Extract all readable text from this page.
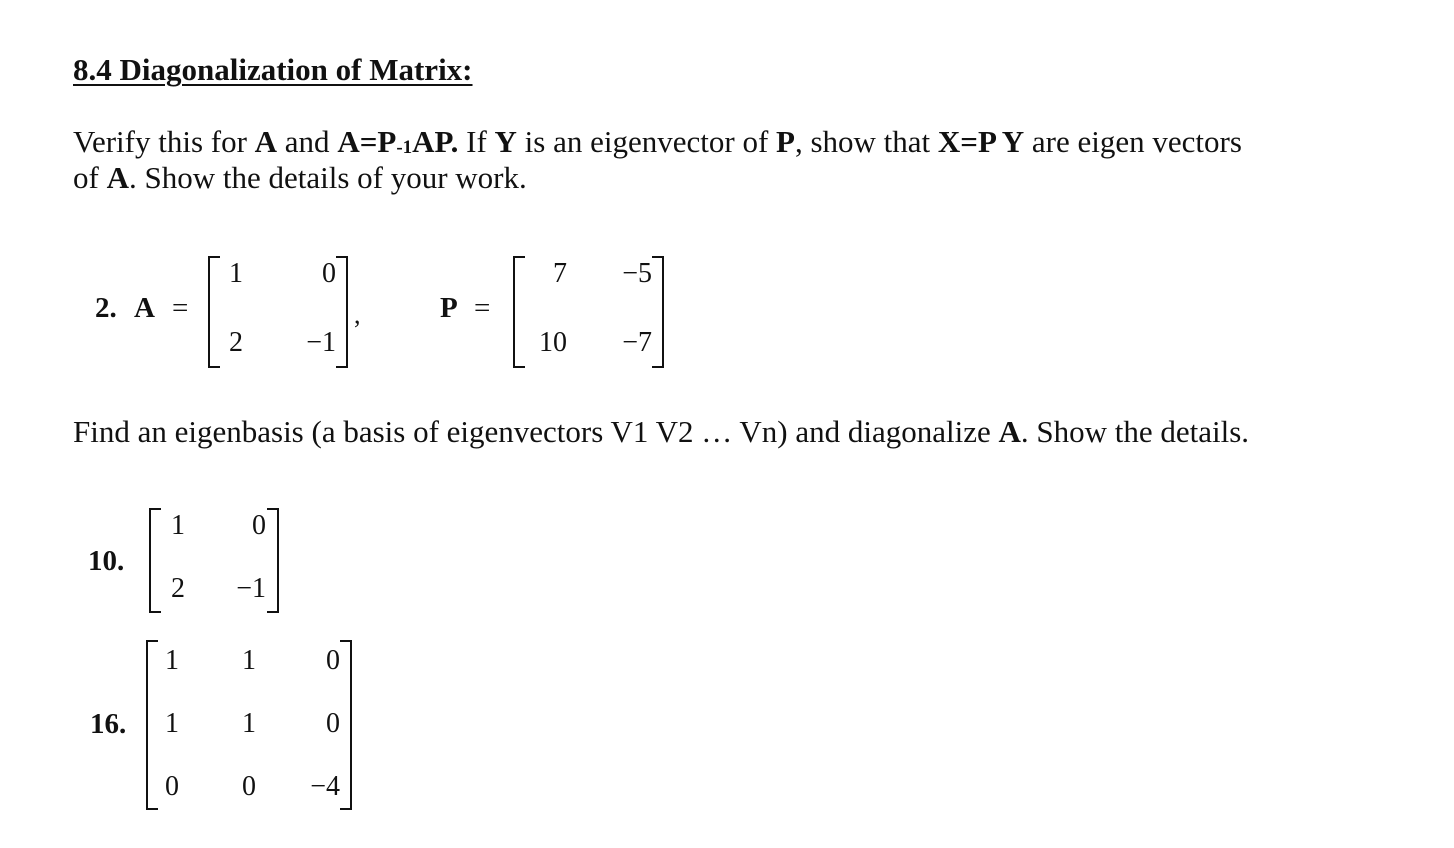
8.4 Diagonalization of Matrix:
Verify this for A and A=P-1AP. If Y is an eigenvector of P, show that X=P Y are eigen vectors
of A. Show the details of your work.
2. A =
1	0
2 −1
,	P =
7 −5
10 −7
Find an eigenbasis (a basis of eigenvectors V1 V2 … Vn) and diagonalize A. Show the details.
10.
1 0
2 −1
16.
1 1	0
1 1	0
0 0 −4
